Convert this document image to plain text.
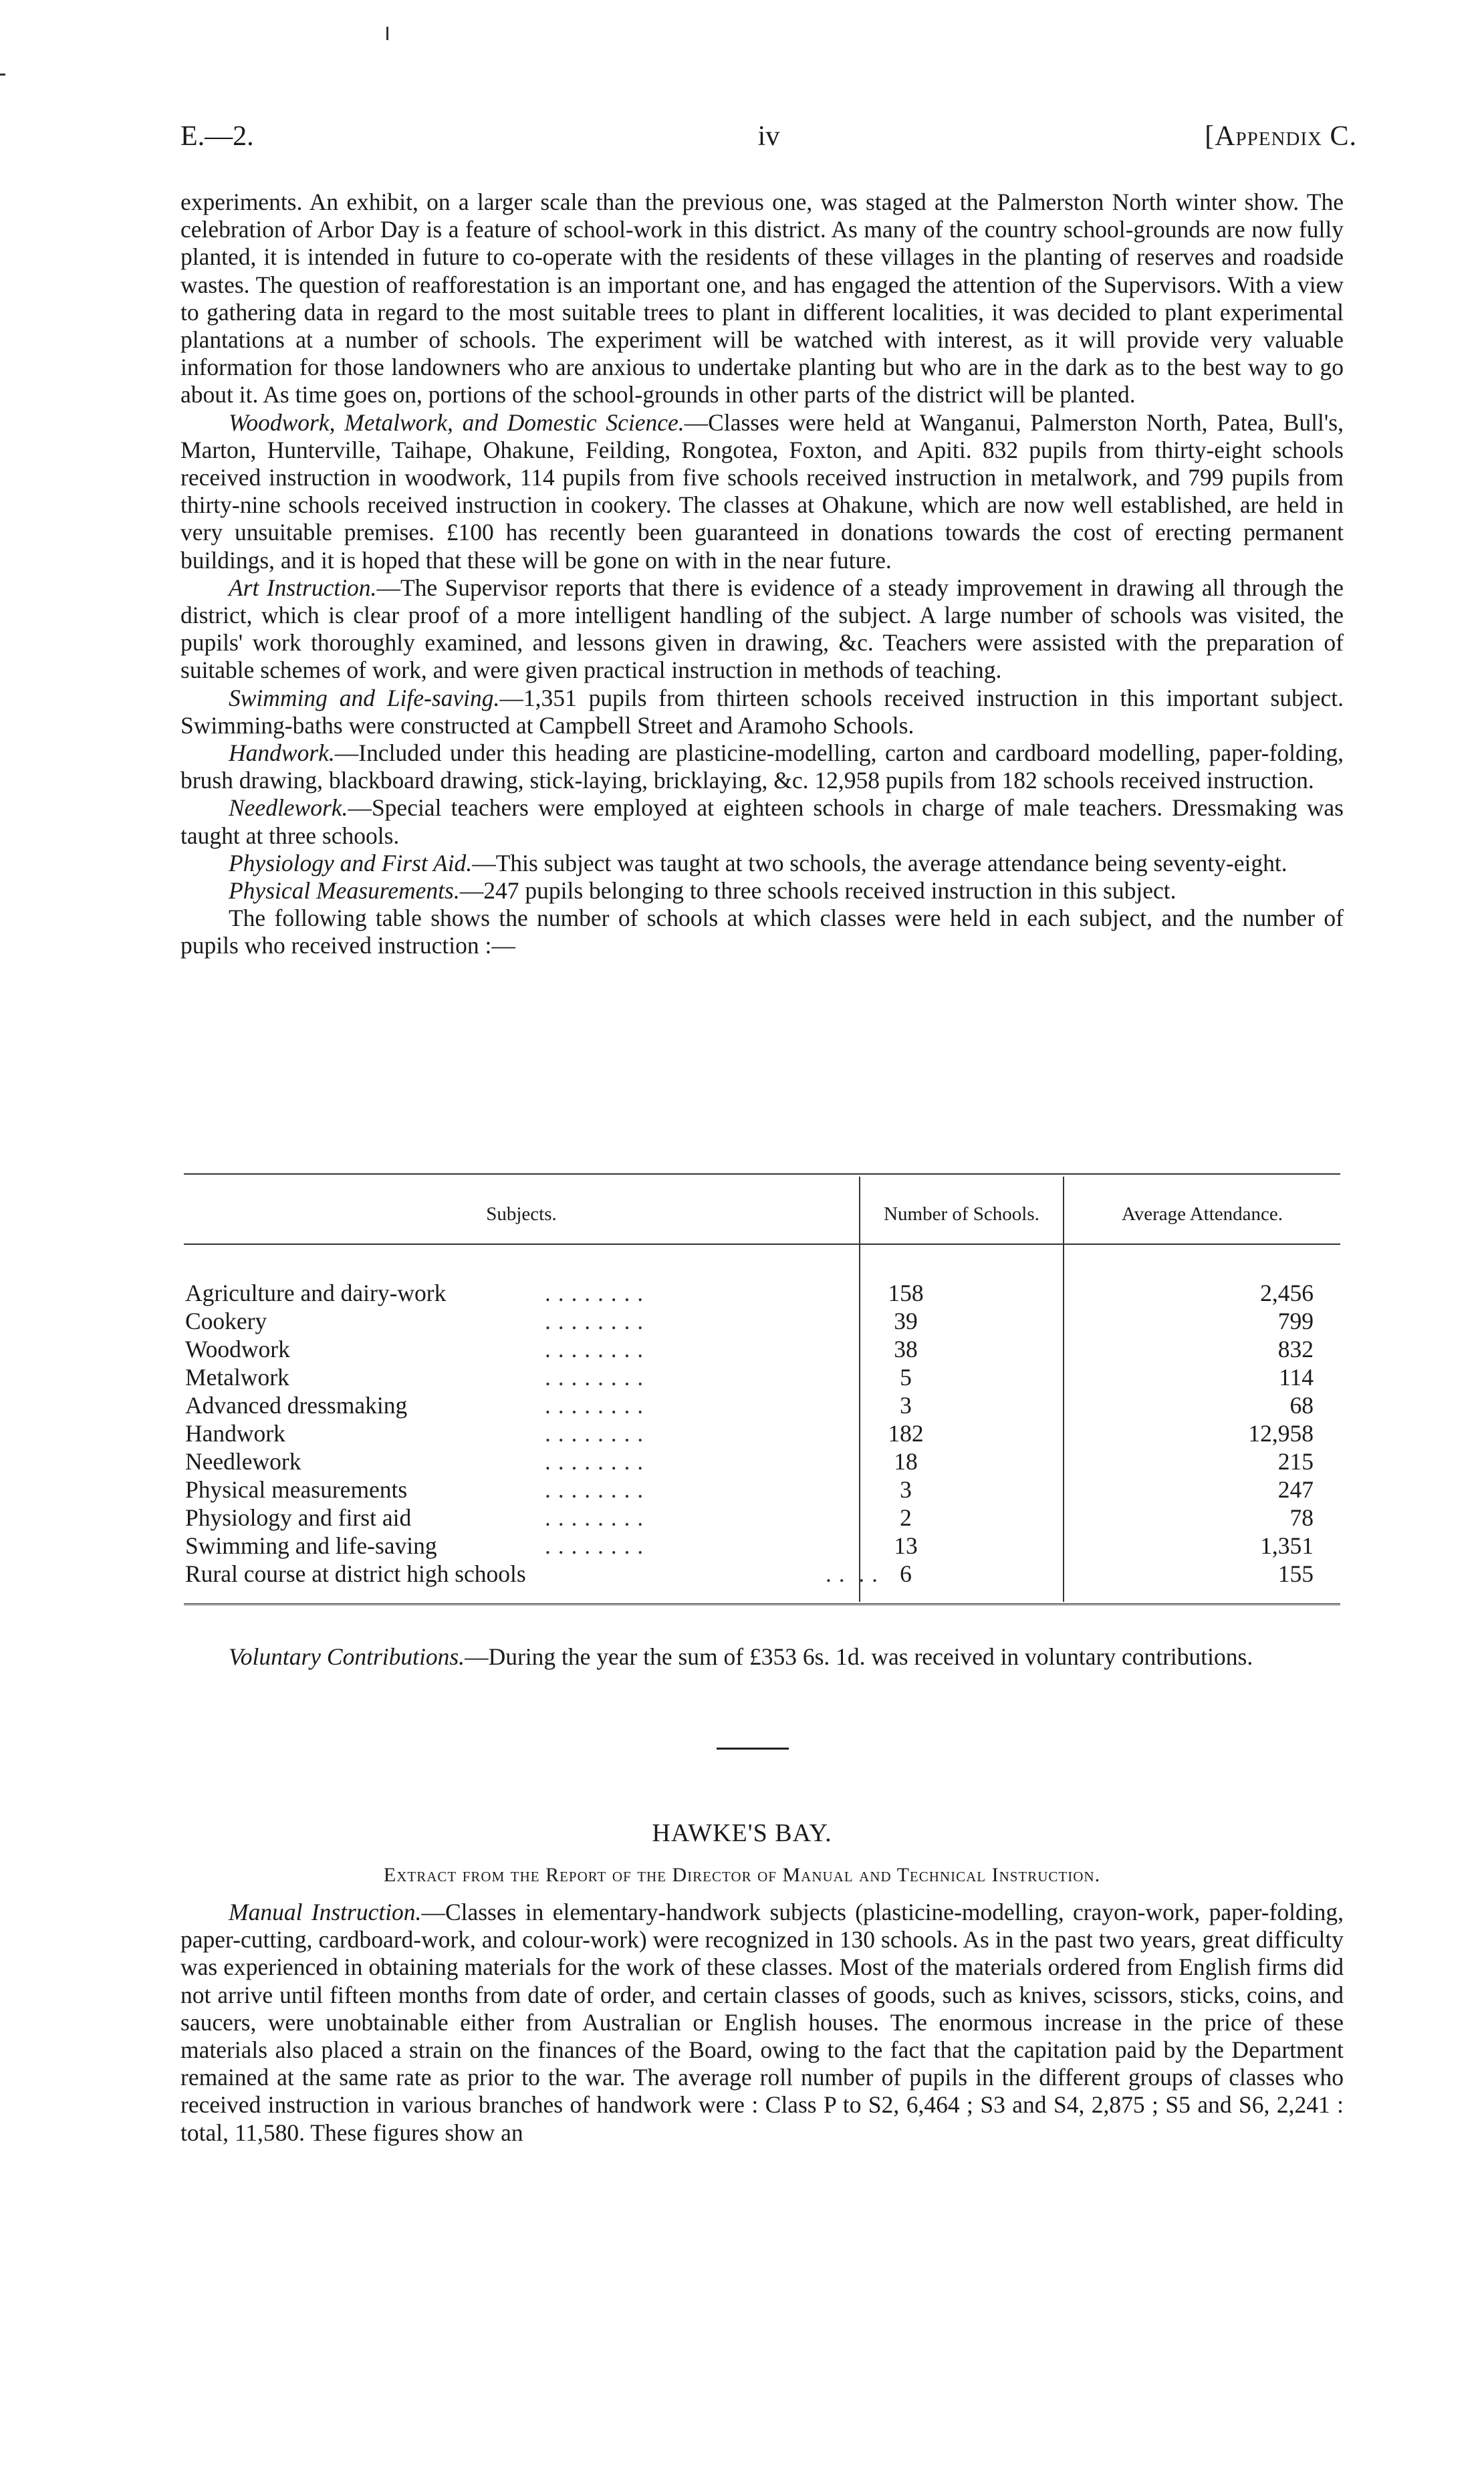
E.—2.	iv	[Appendix C.

experiments. An exhibit, on a larger scale than the previous one, was staged at the Palmerston North winter show. The celebration of Arbor Day is a feature of school-work in this district. As many of the country school-grounds are now fully planted, it is intended in future to co-operate with the residents of these villages in the planting of reserves and roadside wastes. The question of reafforestation is an important one, and has engaged the attention of the Supervisors. With a view to gathering data in regard to the most suitable trees to plant in different localities, it was decided to plant experimental plantations at a number of schools. The experiment will be watched with interest, as it will provide very valuable information for those landowners who are anxious to undertake planting but who are in the dark as to the best way to go about it. As time goes on, portions of the school-grounds in other parts of the district will be planted.

Woodwork, Metalwork, and Domestic Science.—Classes were held at Wanganui, Palmerston North, Patea, Bull's, Marton, Hunterville, Taihape, Ohakune, Feilding, Rongotea, Foxton, and Apiti. 832 pupils from thirty-eight schools received instruction in woodwork, 114 pupils from five schools received instruction in metalwork, and 799 pupils from thirty-nine schools received instruction in cookery. The classes at Ohakune, which are now well established, are held in very unsuitable premises. £100 has recently been guaranteed in donations towards the cost of erecting permanent buildings, and it is hoped that these will be gone on with in the near future.

Art Instruction.—The Supervisor reports that there is evidence of a steady improvement in drawing all through the district, which is clear proof of a more intelligent handling of the subject. A large number of schools was visited, the pupils' work thoroughly examined, and lessons given in drawing, &c. Teachers were assisted with the preparation of suitable schemes of work, and were given practical instruction in methods of teaching.

Swimming and Life-saving.—1,351 pupils from thirteen schools received instruction in this important subject. Swimming-baths were constructed at Campbell Street and Aramoho Schools.

Handwork.—Included under this heading are plasticine-modelling, carton and cardboard modelling, paper-folding, brush drawing, blackboard drawing, stick-laying, bricklaying, &c. 12,958 pupils from 182 schools received instruction.

Needlework.—Special teachers were employed at eighteen schools in charge of male teachers. Dressmaking was taught at three schools.

Physiology and First Aid.—This subject was taught at two schools, the average attendance being seventy-eight.

Physical Measurements.—247 pupils belonging to three schools received instruction in this subject.

The following table shows the number of schools at which classes were held in each subject, and the number of pupils who received instruction :—

Subjects.	Number of Schools.	Average Attendance.
Agriculture and dairy-work	. . . . . . . .	158	2,456
Cookery	. . . . . . . .	39	799
Woodwork	. . . . . . . .	38	832
Metalwork	. . . . . . . .	5	114
Advanced dressmaking	. . . . . . . .	3	68
Handwork	. . . . . . . .	182	12,958
Needlework	. . . . . . . .	18	215
Physical measurements	. . . . . . . .	3	247
Physiology and first aid	. . . . . . . .	2	78
Swimming and life-saving	. . . . . . . .	13	1,351
Rural course at district high schools	. .  . . 6	155

Voluntary Contributions.—During the year the sum of £353 6s. 1d. was received in voluntary contributions.

HAWKE'S BAY.
Extract from the Report of the Director of Manual and Technical Instruction.

Manual Instruction.—Classes in elementary-handwork subjects (plasticine-modelling, crayon-work, paper-folding, paper-cutting, cardboard-work, and colour-work) were recognized in 130 schools. As in the past two years, great difficulty was experienced in obtaining materials for the work of these classes. Most of the materials ordered from English firms did not arrive until fifteen months from date of order, and certain classes of goods, such as knives, scissors, sticks, coins, and saucers, were unobtainable either from Australian or English houses. The enormous increase in the price of these materials also placed a strain on the finances of the Board, owing to the fact that the capitation paid by the Department remained at the same rate as prior to the war. The average roll number of pupils in the different groups of classes who received instruction in various branches of handwork were : Class P to S2, 6,464 ; S3 and S4, 2,875 ; S5 and S6, 2,241 : total, 11,580. These figures show an
